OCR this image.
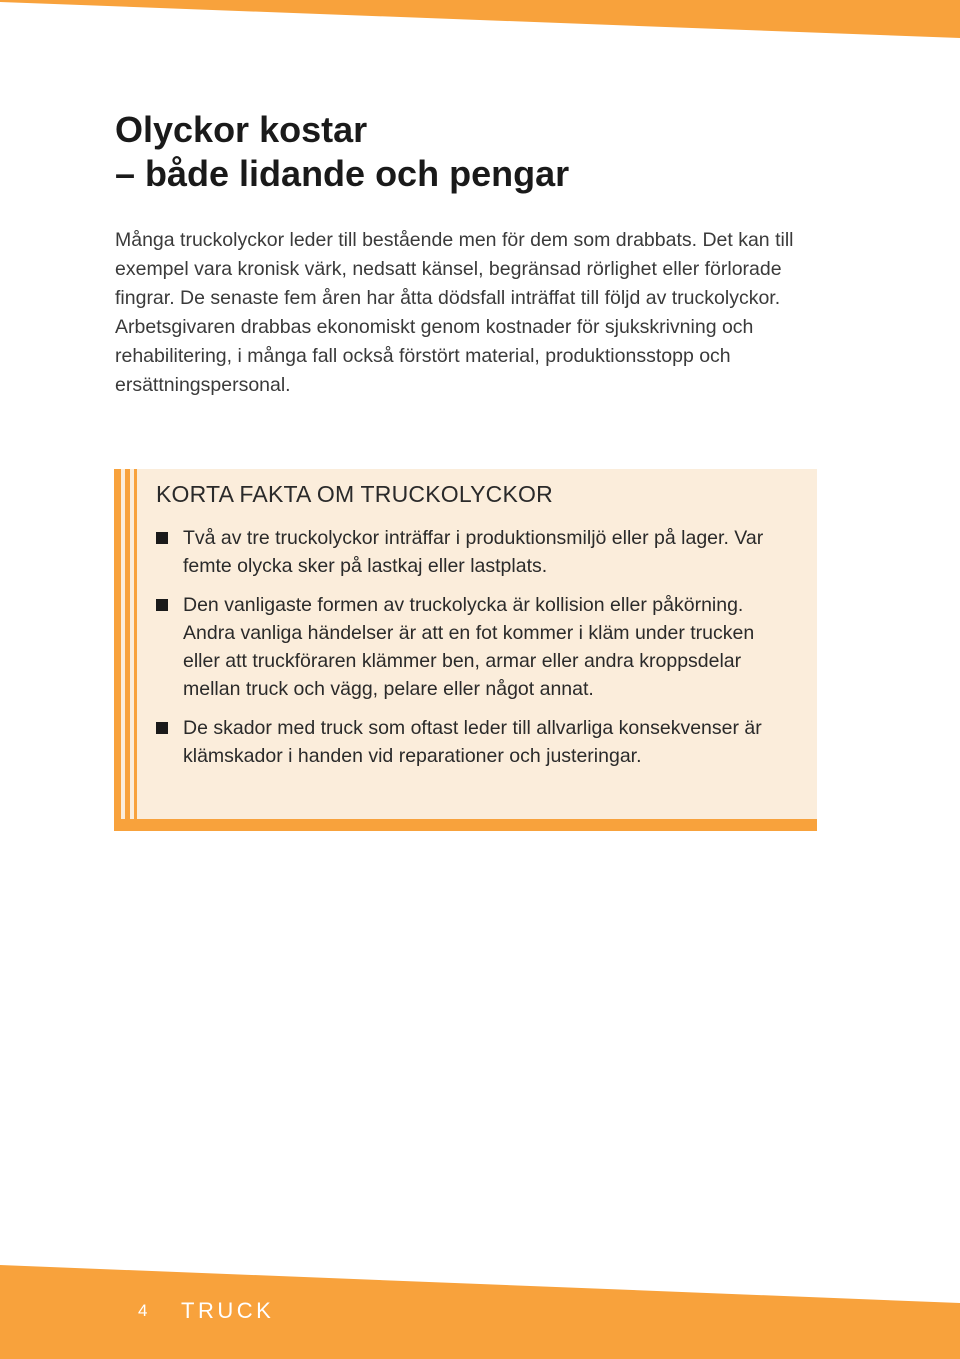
Olyckor kostar
– både lidande och pengar

Många truckolyckor leder till bestående men för dem som drabbats. Det kan till exempel vara kronisk värk, nedsatt känsel, begränsad rörlighet eller förlorade fingrar. De senaste fem åren har åtta dödsfall inträffat till följd av truckolyckor.

Arbetsgivaren drabbas ekonomiskt genom kostnader för sjukskrivning och rehabilitering, i många fall också förstört material, produktionsstopp och ersättningspersonal.

KORTA FAKTA OM TRUCKOLYCKOR
Två av tre truckolyckor inträffar i produktionsmiljö eller på lager. Var femte olycka sker på lastkaj eller lastplats.
Den vanligaste formen av truckolycka är kollision eller påkörning. Andra vanliga händelser är att en fot kommer i kläm under trucken eller att truckföraren klämmer ben, armar eller andra kroppsdelar mellan truck och vägg, pelare eller något annat.
De skador med truck som oftast leder till allvarliga konsekvenser är klämskador i handen vid reparationer och justeringar.
4 TRUCK
